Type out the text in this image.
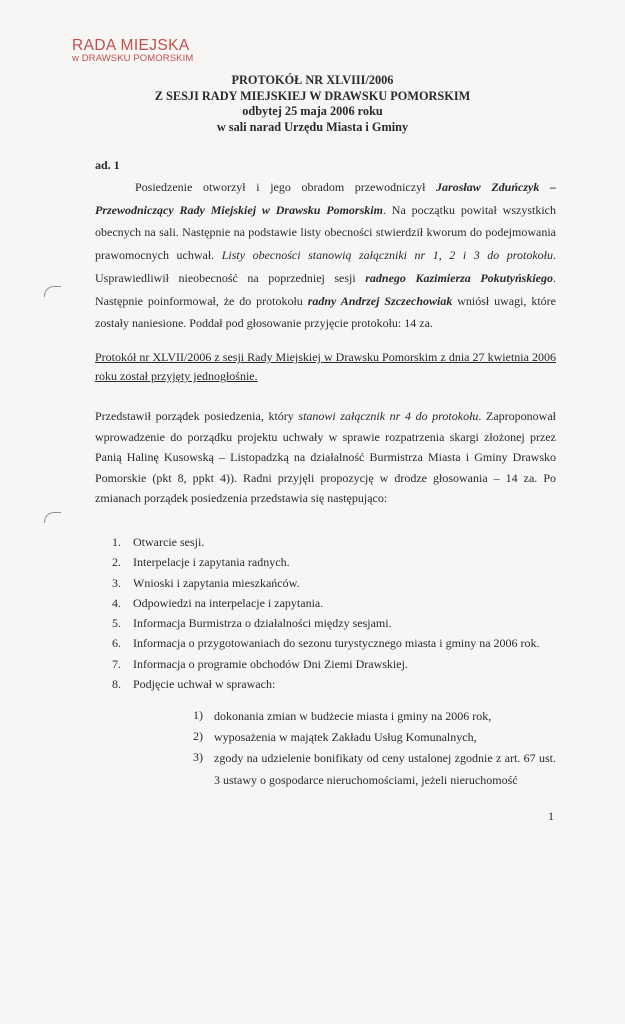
RADA MIEJSKA
w DRAWSKU POMORSKIM
PROTOKÓŁ NR XLVIII/2006
Z SESJI RADY MIEJSKIEJ W DRAWSKU POMORSKIM
odbytej 25 maja 2006 roku
w sali narad Urzędu Miasta i Gminy
ad. 1
Posiedzenie otworzył i jego obradom przewodniczył Jarosław Zduńczyk – Przewodniczący Rady Miejskiej w Drawsku Pomorskim. Na początku powitał wszystkich obecnych na sali. Następnie na podstawie listy obecności stwierdził kworum do podejmowania prawomocnych uchwał. Listy obecności stanowią załączniki nr 1, 2 i 3 do protokołu. Usprawiedliwił nieobecność na poprzedniej sesji radnego Kazimierza Pokutyńskiego. Następnie poinformował, że do protokołu radny Andrzej Szczechowiak wniósł uwagi, które zostały naniesione. Poddał pod głosowanie przyjęcie protokołu: 14 za.
Protokół nr XLVII/2006 z sesji Rady Miejskiej w Drawsku Pomorskim z dnia 27 kwietnia 2006 roku został przyjęty jednogłośnie.
Przedstawił porządek posiedzenia, który stanowi załącznik nr 4 do protokołu. Zaproponował wprowadzenie do porządku projektu uchwały w sprawie rozpatrzenia skargi złożonej przez Panią Halinę Kusowską – Listopadzką na działalność Burmistrza Miasta i Gminy Drawsko Pomorskie (pkt 8, ppkt 4)). Radni przyjęli propozycję w drodze głosowania – 14 za. Po zmianach porządek posiedzenia przedstawia się następująco:
1.	Otwarcie sesji.
2.	Interpelacje i zapytania radnych.
3.	Wnioski i zapytania mieszkańców.
4.	Odpowiedzi na interpelacje i zapytania.
5.	Informacja Burmistrza o działalności między sesjami.
6.	Informacja o przygotowaniach do sezonu turystycznego miasta i gminy na 2006 rok.
7.	Informacja o programie obchodów Dni Ziemi Drawskiej.
8.	Podjęcie uchwał w sprawach:
1) dokonania zmian w budżecie miasta i gminy na 2006 rok,
2) wyposażenia w majątek Zakładu Usług Komunalnych,
3) zgody na udzielenie bonifikaty od ceny ustalonej zgodnie z art. 67 ust. 3 ustawy o gospodarce nieruchomościami, jeżeli nieruchomość
1
